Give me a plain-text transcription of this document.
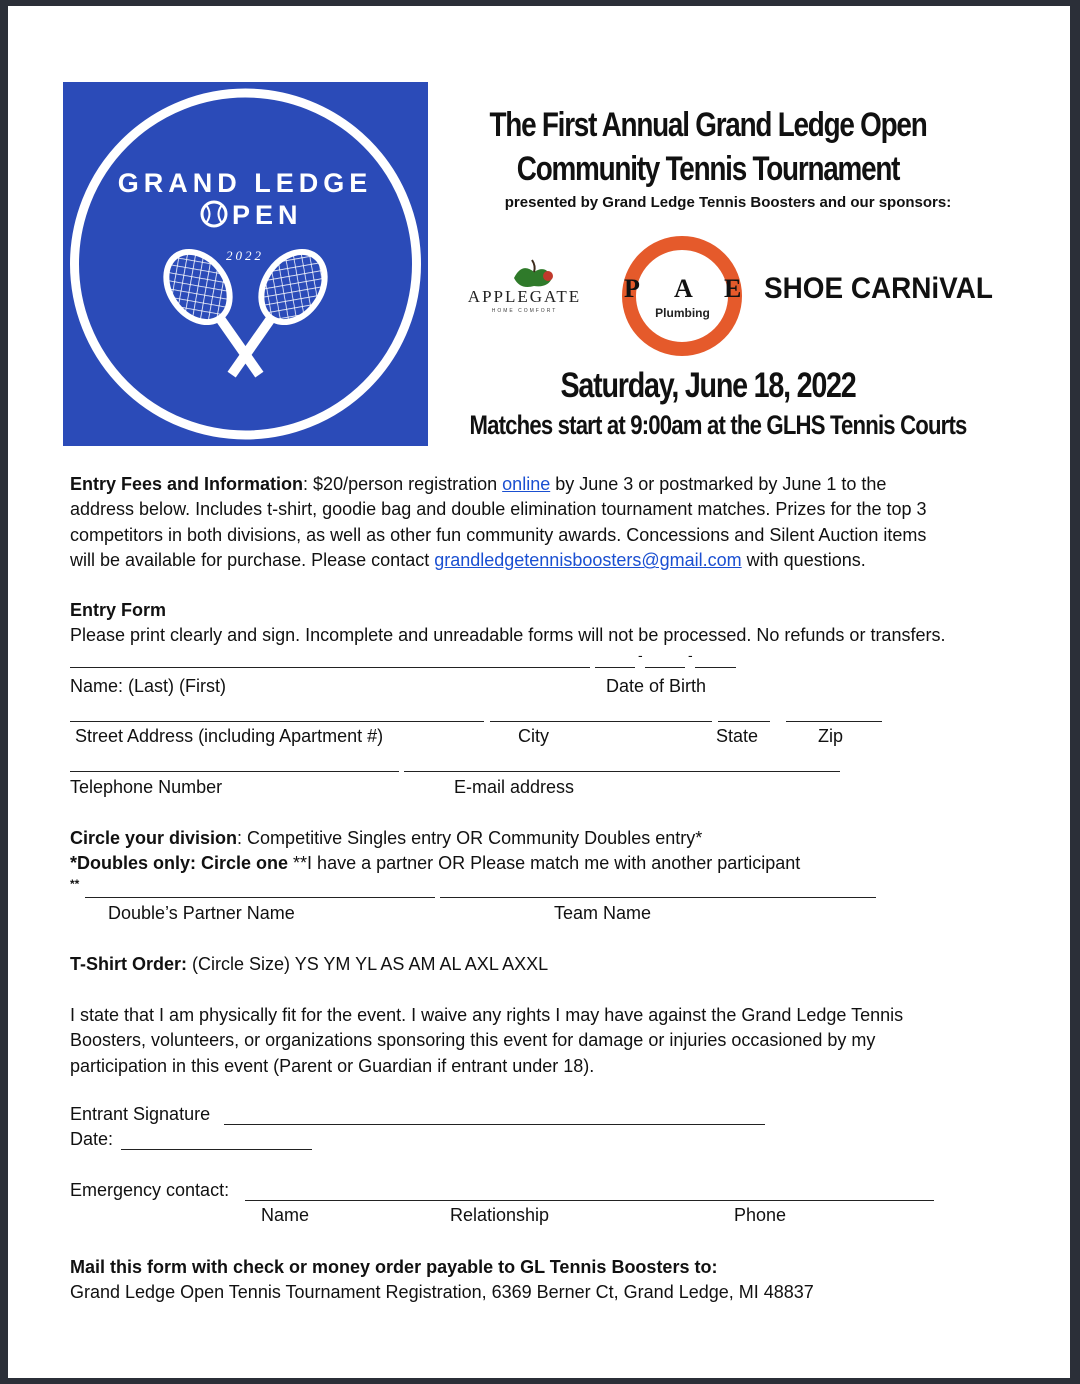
GRAND LEDGE
PEN
2022
The First Annual Grand Ledge Open
Community Tennis Tournament
presented by Grand Ledge Tennis Boosters and our sponsors:
APPLEGATE
HOME COMFORT
P A E
Plumbing
SHOE CARNiVAL
Saturday, June 18, 2022
Matches start at 9:00am at the GLHS Tennis Courts
Entry Fees and Information: $20/person registration online by June 3 or postmarked by June 1 to the
address below. Includes t-shirt, goodie bag and double elimination tournament matches. Prizes for the top 3
competitors in both divisions, as well as other fun community awards. Concessions and Silent Auction items
will be available for purchase. Please contact grandledgetennisboosters@gmail.com with questions.
Entry Form
Please print clearly and sign. Incomplete and unreadable forms will not be processed. No refunds or transfers.
-	-
Name: (Last) (First)	Date of Birth
Street Address (including Apartment #)	City	State	Zip
Telephone Number	E-mail address
Circle your division: Competitive Singles entry OR Community Doubles entry*
*Doubles only: Circle one **I have a partner OR Please match me with another participant
**
Double’s Partner Name	Team Name
T-Shirt Order: (Circle Size) YS YM YL AS AM AL AXL AXXL
I state that I am physically fit for the event. I waive any rights I may have against the Grand Ledge Tennis
Boosters, volunteers, or organizations sponsoring this event for damage or injuries occasioned by my
participation in this event (Parent or Guardian if entrant under 18).
Entrant Signature
Date:
Emergency contact:
Name	Relationship	Phone
Mail this form with check or money order payable to GL Tennis Boosters to:
Grand Ledge Open Tennis Tournament Registration, 6369 Berner Ct, Grand Ledge, MI 48837
